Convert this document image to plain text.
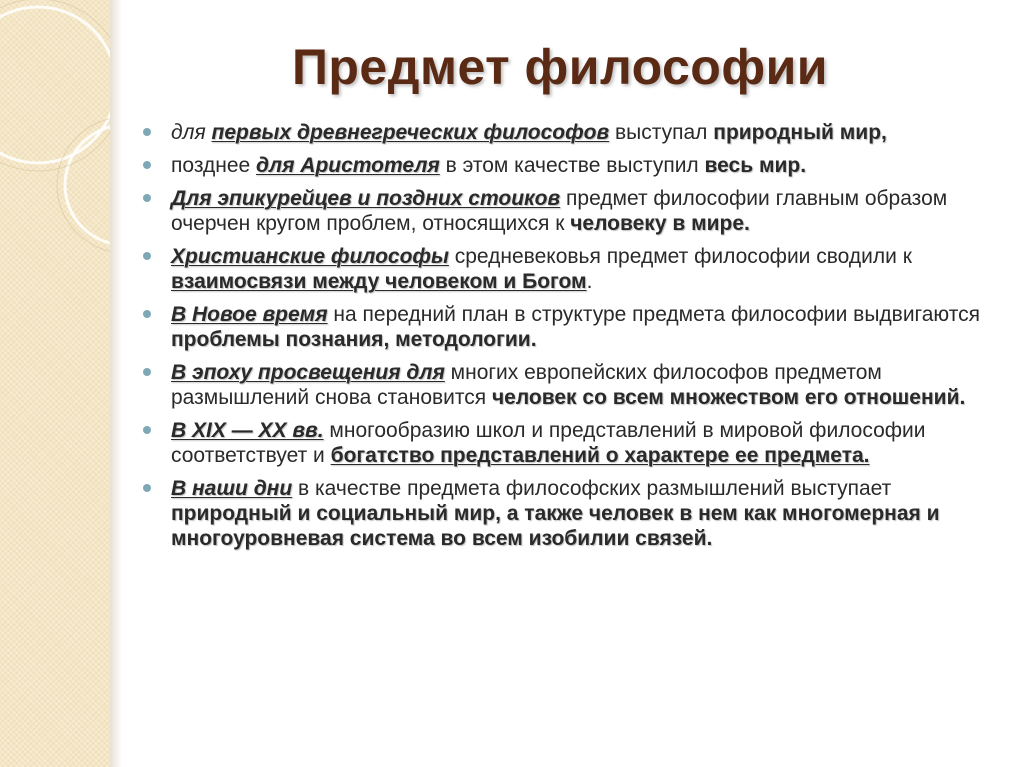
Предмет философии
для первых древнегреческих философов выступал природный мир,
позднее для Аристотеля в этом качестве выступил весь мир.
Для эпикурейцев и поздних стоиков предмет философии главным образом очерчен кругом проблем, относящихся к человеку в мире.
Христианские философы средневековья предмет философии сводили к взаимосвязи между человеком и Богом.
В Новое время на передний план в структуре предмета философии выдвигаются проблемы познания, методологии.
В эпоху просвещения для многих европейских философов предметом размышлений снова становится человек со всем множеством его отношений.
В XIX — XX вв. многообразию школ и представлений в мировой философии соответствует и богатство представлений о характере ее предмета.
В наши дни в качестве предмета философских размышлений выступает природный и социальный мир, а также человек в нем как многомерная и многоуровневая система во всем изобилии связей.
